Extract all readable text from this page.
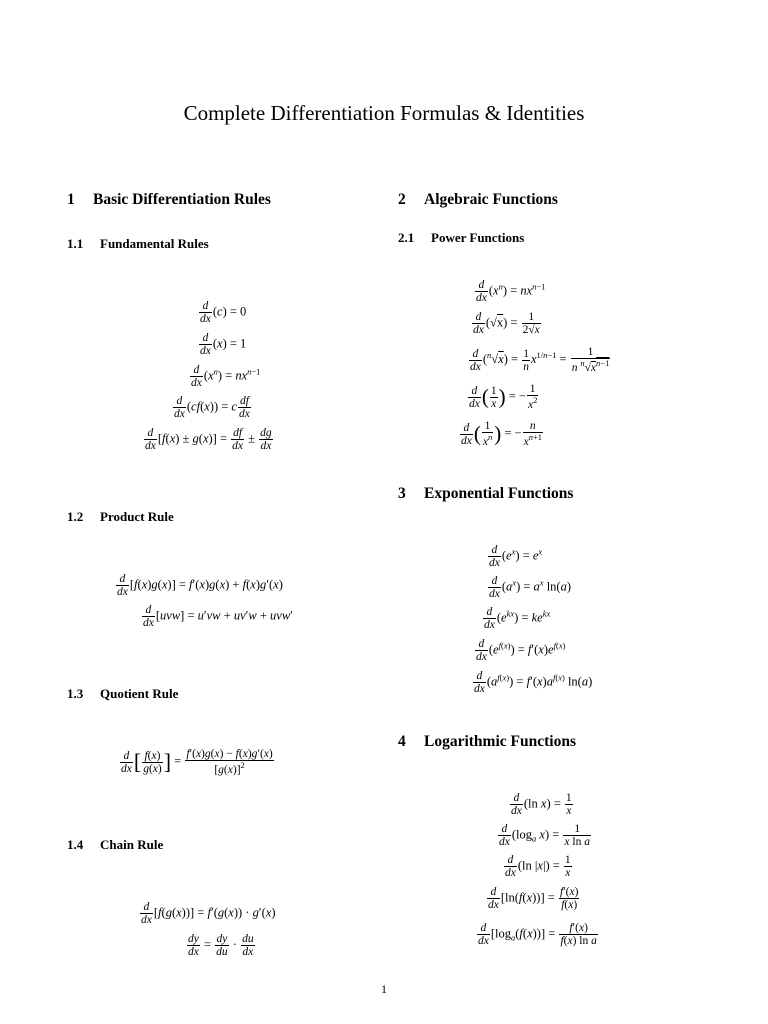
Complete Differentiation Formulas & Identities
1 Basic Differentiation Rules
1.1 Fundamental Rules
$\frac{d}{dx} (c) = 0$
$\frac{d}{dx} (x) = 1$
$\frac{d}{dx} (x^n) = nx^{n-1}$
$\frac{d}{dx} (cf(x)) = c \frac{df}{dx}$
$\frac{d}{dx} [f(x) \pm g(x)] = \frac{df}{dx} \pm \frac{dg}{dx}$
1.2 Product Rule
$\frac{d}{dx} [f(x)g(x)] = f'(x)g(x) + f(x)g'(x)$
$\frac{d}{dx} [uvw] = u'vw + uv'w + uvw'$
1.3 Quotient Rule
$\frac{d}{dx}$ [ $\frac{f(x)}{g(x)}$ ] = $\frac{f'(x)g(x) - f(x)g'(x)}{[g(x)]^2}$
1.4 Chain Rule
$\frac{d}{dx} [f(g(x))] = f'(g(x)) \cdot g'(x)$
$\frac{dy}{dx} = \frac{dy}{du} \cdot \frac{du}{dx}$
2 Algebraic Functions
2.1 Power Functions
$\frac{d}{dx} (x^n) = nx^{n-1}$
$\frac{d}{dx} (√x) = \frac{1}{2√x}$
$\frac{d}{dx} (^n√x) = \frac{1}{n} x^{1/n-1} = \frac{1}{n ^n√x^{n-1}}$
$\frac{d}{dx}$ ( $\frac{1}{x}$ ) = − $\frac{1}{x^2}$
$\frac{d}{dx}$ ( $\frac{1}{x^n}$ ) = − $\frac{n}{x^{n+1}}$
3 Exponential Functions
$\frac{d}{dx} (e^x) = e^x$
$\frac{d}{dx} (a^x) = a^x$ ln(a)
$\frac{d}{dx} (e^{kx}) = ke^{kx}$
$\frac{d}{dx} (e^{f(x)}) = f'(x)e^{f(x)}$
$\frac{d}{dx} (a^{f(x)}) = f'(x)a^{f(x)}$ ln(a)
4 Logarithmic Functions
$\frac{d}{dx} (\ln$ $x) = \frac{1}{x}$
$\frac{d}{dx} (\log_a$ $x) = \frac{1}{\text{x ln a}}$
$\frac{d}{dx} (\ln$ $|x|) = \frac{1}{x}$
$\frac{d}{dx} [\ln(f(x))] = \frac{f'(x)}{f(x)}$
$\frac{d}{dx} [\log_a(f(x))] = \frac{f'(x)}{\text{f(x) ln a}}$
1
